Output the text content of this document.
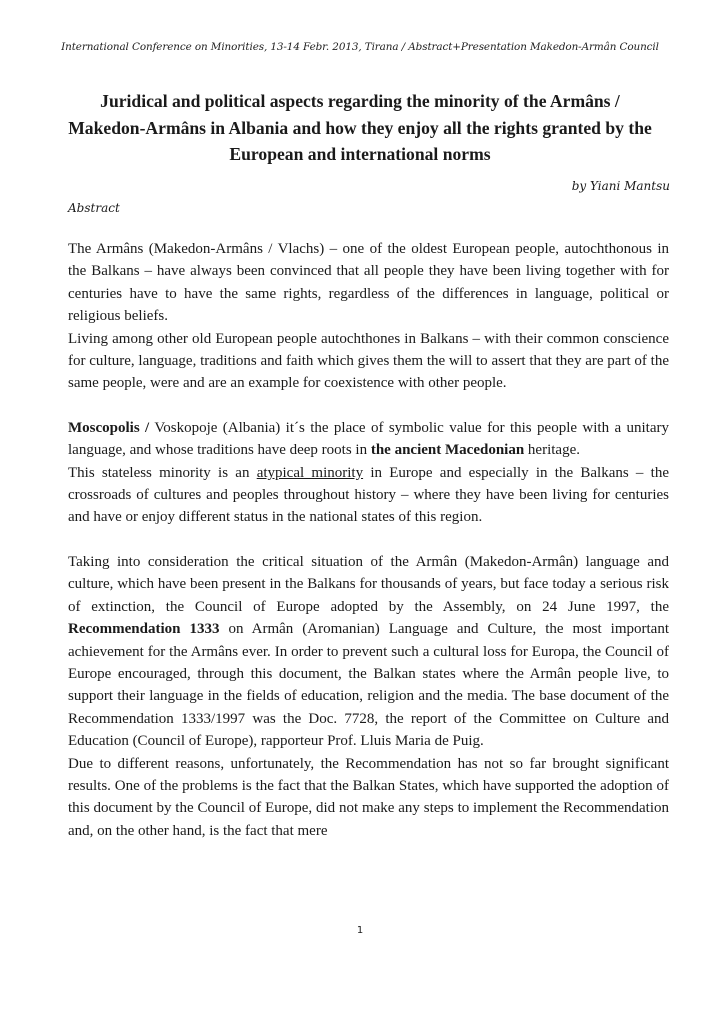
International Conference on Minorities, 13-14 Febr. 2013, Tirana / Abstract+Presentation Makedon-Armân Council
Juridical and political aspects regarding the minority of the Armâns / Makedon-Armâns in Albania and how they enjoy all the rights granted by the European and international norms
by Yiani Mantsu
Abstract

The Armâns (Makedon-Armâns / Vlachs) – one of the oldest European people, autochthonous in the Balkans – have always been convinced that all people they have been living together with for centuries have to have the same rights, regardless of the differences in language, political or religious beliefs.

Living among other old European people autochthones in Balkans – with their common conscience for culture, language, traditions and faith which gives them the will to assert that they are part of the same people, were and are an example for coexistence with other people.

Moscopolis / Voskopoje (Albania) it´s the place of symbolic value for this people with a unitary language, and whose traditions have deep roots in the ancient Macedonian heritage.

This stateless minority is an atypical minority in Europe and especially in the Balkans – the crossroads of cultures and peoples throughout history – where they have been living for centuries and have or enjoy different status in the national states of this region.

Taking into consideration the critical situation of the Armân (Makedon-Armân) language and culture, which have been present in the Balkans for thousands of years, but face today a serious risk of extinction, the Council of Europe adopted by the Assembly, on 24 June 1997, the Recommendation 1333 on Armân (Aromanian) Language and Culture, the most important achievement for the Armâns ever. In order to prevent such a cultural loss for Europa, the Council of Europe encouraged, through this document, the Balkan states where the Armân people live, to support their language in the fields of education, religion and the media. The base document of the Recommendation 1333/1997 was the Doc. 7728, the report of the Committee on Culture and Education (Council of Europe), rapporteur Prof. Lluis Maria de Puig.

Due to different reasons, unfortunately, the Recommendation has not so far brought significant results. One of the problems is the fact that the Balkan States, which have supported the adoption of this document by the Council of Europe, did not make any steps to implement the Recommendation and, on the other hand, is the fact that mere

1
